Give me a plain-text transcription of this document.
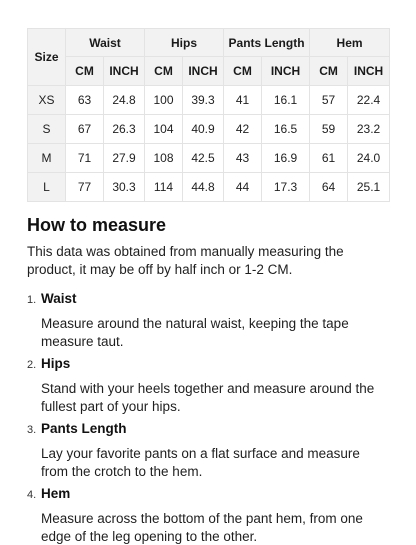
Size	Waist		Hips		Pants Length		Hem	
	CM	INCH	CM	INCH	CM	INCH	CM	INCH
XS	63	24.8	100	39.3	41	16.1	57	22.4
S	67	26.3	104	40.9	42	16.5	59	23.2
M	71	27.9	108	42.5	43	16.9	61	24.0
L	77	30.3	114	44.8	44	17.3	64	25.1
How to measure

This data was obtained from manually measuring the product, it may be off by half inch or 1-2 CM.

1. Waist

Measure around the natural waist, keeping the tape measure taut.

2. Hips

Stand with your heels together and measure around the fullest part of your hips.

3. Pants Length

Lay your favorite pants on a flat surface and measure from the crotch to the hem.

4. Hem

Measure across the bottom of the pant hem, from one edge of the leg opening to the other.
